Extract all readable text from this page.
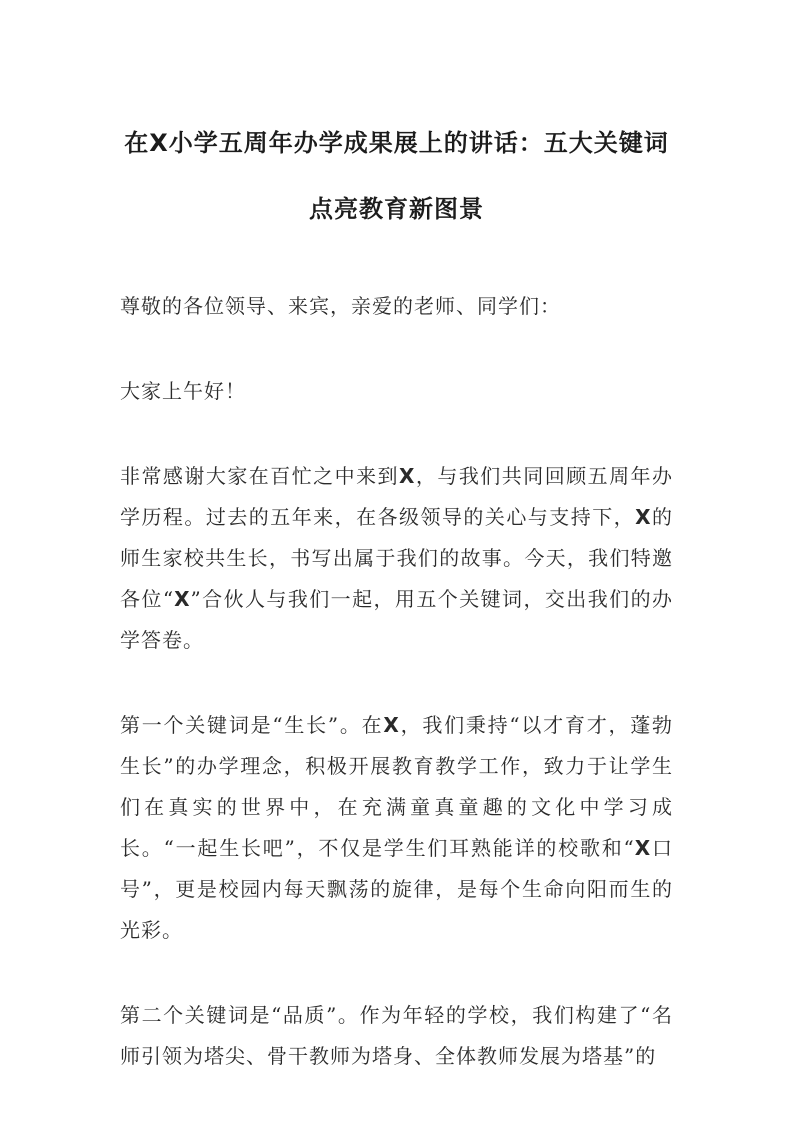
在X小学五周年办学成果展上的讲话：五大关键词点亮教育新图景

尊敬的各位领导、来宾，亲爱的老师、同学们：

大家上午好！

非常感谢大家在百忙之中来到X，与我们共同回顾五周年办学历程。过去的五年来，在各级领导的关心与支持下，X的师生家校共生长，书写出属于我们的故事。今天，我们特邀各位“X”合伙人与我们一起，用五个关键词，交出我们的办学答卷。

第一个关键词是“生长”。在X，我们秉持“以才育才，蓬勃生长”的办学理念，积极开展教育教学工作，致力于让学生们在真实的世界中，在充满童真童趣的文化中学习成长。“一起生长吧”，不仅是学生们耳熟能详的校歌和“X口号”，更是校园内每天飘荡的旋律，是每个生命向阳而生的光彩。

第二个关键词是“品质”。作为年轻的学校，我们构建了“名师引领为塔尖、骨干教师为塔身、全体教师发展为塔基”的
